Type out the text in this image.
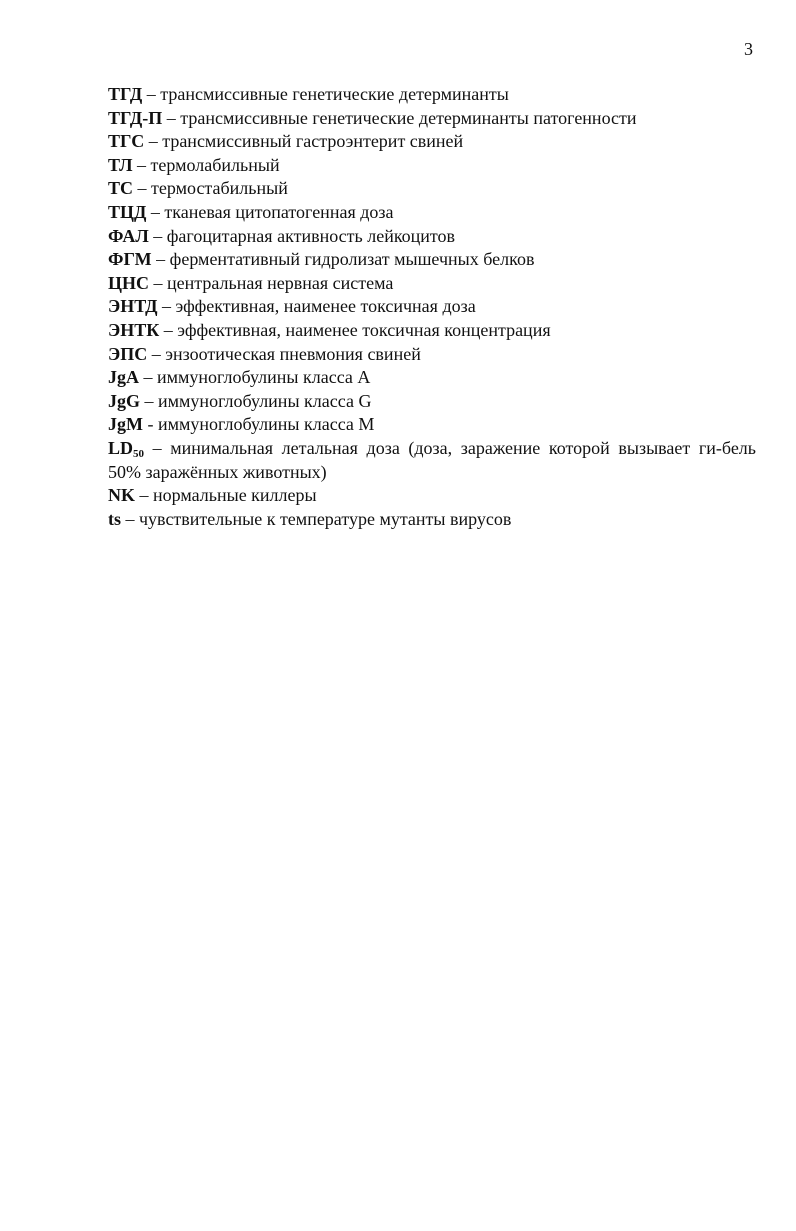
3
ТГД – трансмиссивные генетические детерминанты
ТГД-П – трансмиссивные генетические детерминанты патогенности
ТГС – трансмиссивный гастроэнтерит свиней
ТЛ – термолабильный
ТС – термостабильный
ТЦД – тканевая цитопатогенная доза
ФАЛ – фагоцитарная активность лейкоцитов
ФГМ – ферментативный гидролизат мышечных белков
ЦНС – центральная нервная система
ЭНТД – эффективная, наименее токсичная доза
ЭНТК – эффективная, наименее токсичная концентрация
ЭПС – энзоотическая пневмония свиней
JgA – иммуноглобулины класса А
JgG – иммуноглобулины класса G
JgM - иммуноглобулины класса М
$LD_{50}$ – минимальная летальная доза (доза, заражение которой вызывает ги-бель 50% заражённых животных)
NK – нормальные киллеры
ts – чувствительные к температуре мутанты вирусов
